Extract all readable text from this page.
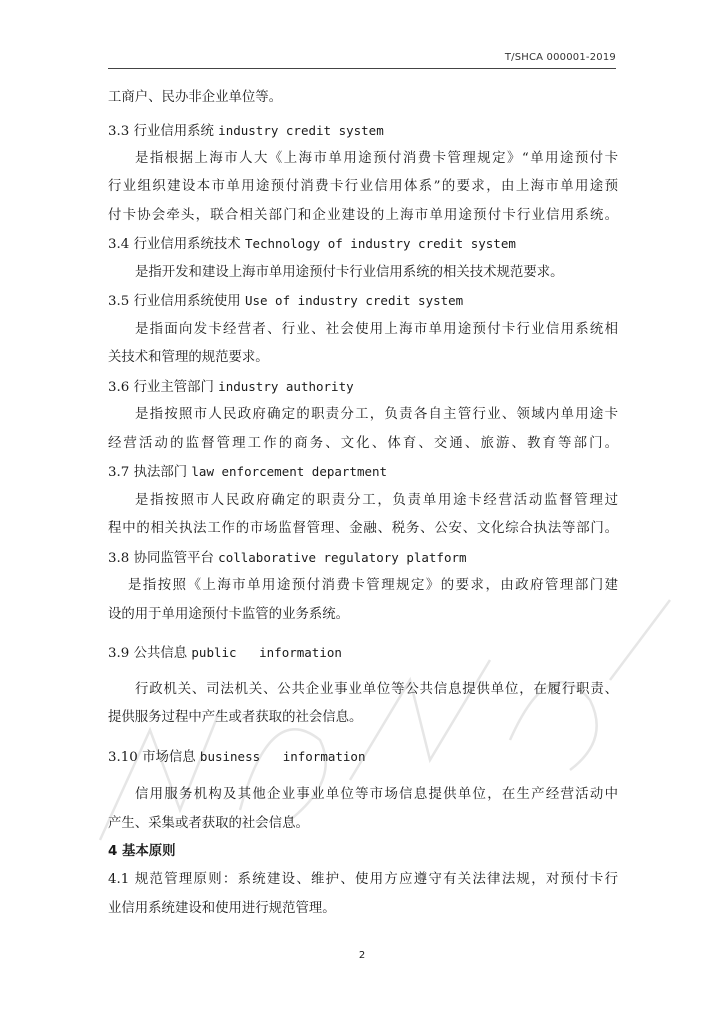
T/SHCA 000001-2019
工商户、民办非企业单位等。
3.3 行业信用系统 industry credit system
是指根据上海市人大《上海市单用途预付消费卡管理规定》“单用途预付卡
行业组织建设本市单用途预付消费卡行业信用体系”的要求，由上海市单用途预
付卡协会牵头，联合相关部门和企业建设的上海市单用途预付卡行业信用系统。
3.4 行业信用系统技术 Technology of industry credit system
是指开发和建设上海市单用途预付卡行业信用系统的相关技术规范要求。
3.5 行业信用系统使用 Use of industry credit system
是指面向发卡经营者、行业、社会使用上海市单用途预付卡行业信用系统相
关技术和管理的规范要求。
3.6 行业主管部门 industry authority
是指按照市人民政府确定的职责分工，负责各自主管行业、领域内单用途卡
经营活动的监督管理工作的商务、文化、体育、交通、旅游、教育等部门。
3.7 执法部门 law enforcement department
是指按照市人民政府确定的职责分工，负责单用途卡经营活动监督管理过
程中的相关执法工作的市场监督管理、金融、税务、公安、文化综合执法等部门。
3.8 协同监管平台 collaborative regulatory platform
是指按照《上海市单用途预付消费卡管理规定》的要求，由政府管理部门建
设的用于单用途预付卡监管的业务系统。
3.9 公共信息 public   information
行政机关、司法机关、公共企业事业单位等公共信息提供单位，在履行职责、
提供服务过程中产生或者获取的社会信息。
3.10 市场信息 business   information
信用服务机构及其他企业事业单位等市场信息提供单位，在生产经营活动中
产生、采集或者获取的社会信息。
4 基本原则
4.1 规范管理原则：系统建设、维护、使用方应遵守有关法律法规，对预付卡行
业信用系统建设和使用进行规范管理。
2
